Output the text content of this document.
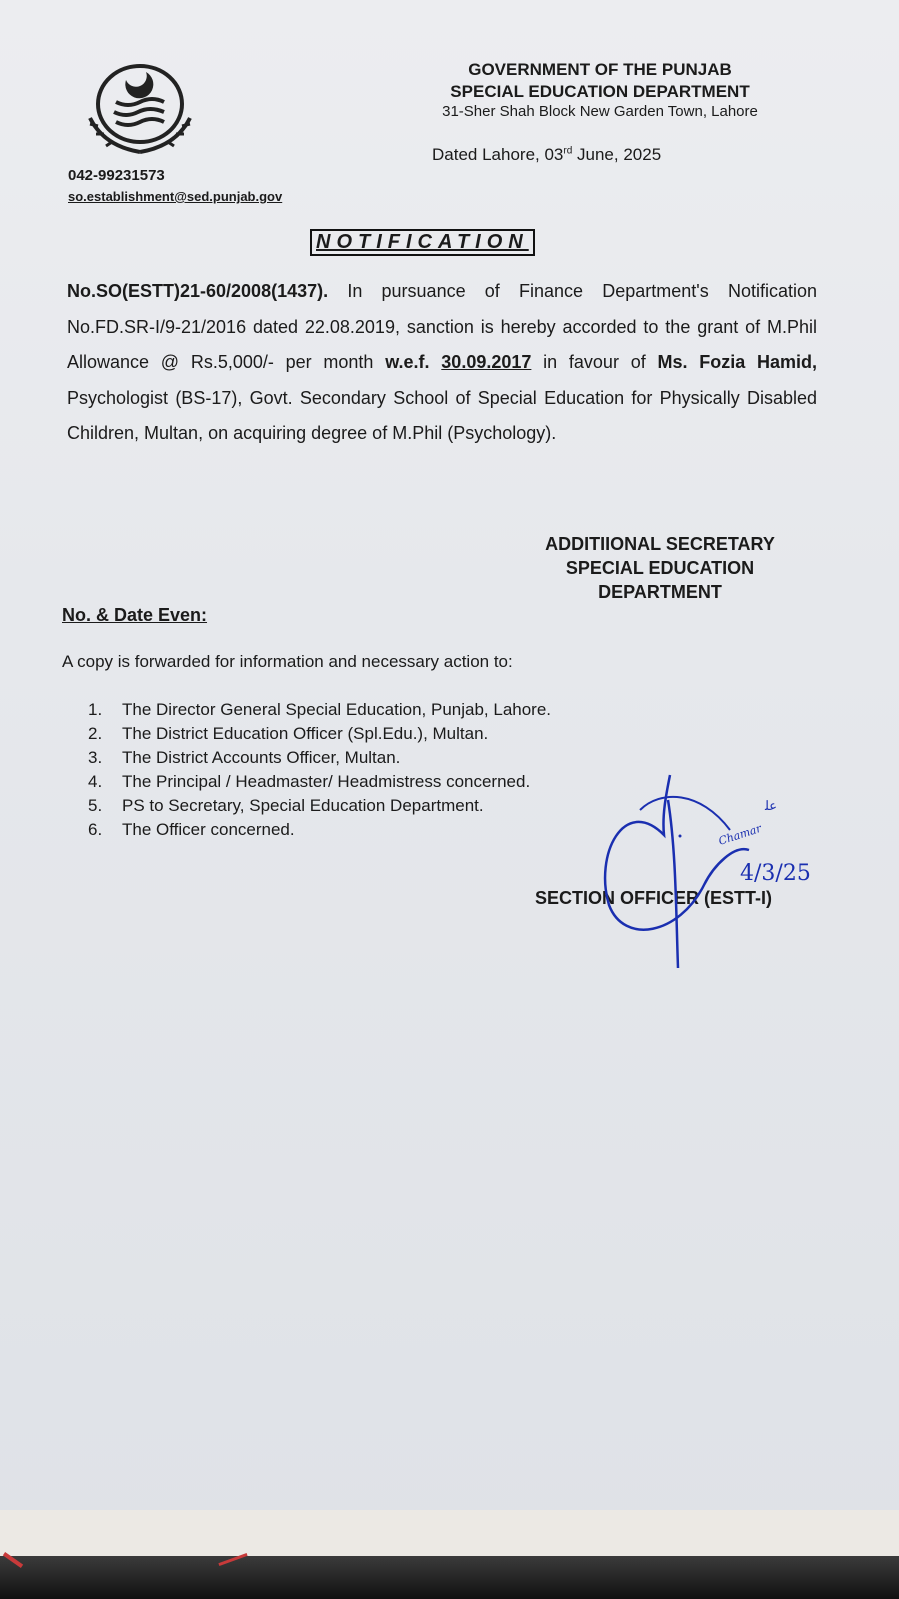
GOVERNMENT OF THE PUNJAB
SPECIAL EDUCATION DEPARTMENT
31-Sher Shah Block New Garden Town, Lahore
042-99231573
so.establishment@sed.punjab.gov
Dated Lahore, 03rd June, 2025
NOTIFICATION
No.SO(ESTT)21-60/2008(1437). In pursuance of Finance Department's Notification No.FD.SR-I/9-21/2016 dated 22.08.2019, sanction is hereby accorded to the grant of M.Phil Allowance @ Rs.5,000/- per month w.e.f. 30.09.2017 in favour of Ms. Fozia Hamid, Psychologist (BS-17), Govt. Secondary School of Special Education for Physically Disabled Children, Multan, on acquiring degree of M.Phil (Psychology).
ADDITIIONAL SECRETARY
SPECIAL EDUCATION
DEPARTMENT
No. & Date Even:
A copy is forwarded for information and necessary action to:
1. The Director General Special Education, Punjab, Lahore.
2. The District Education Officer (Spl.Edu.), Multan.
3. The District Accounts Officer, Multan.
4. The Principal / Headmaster/ Headmistress concerned.
5. PS to Secretary, Special Education Department.
6. The Officer concerned.
SECTION OFFICER (ESTT-I)
Chamar
ﻋﻠ
4/3/25
